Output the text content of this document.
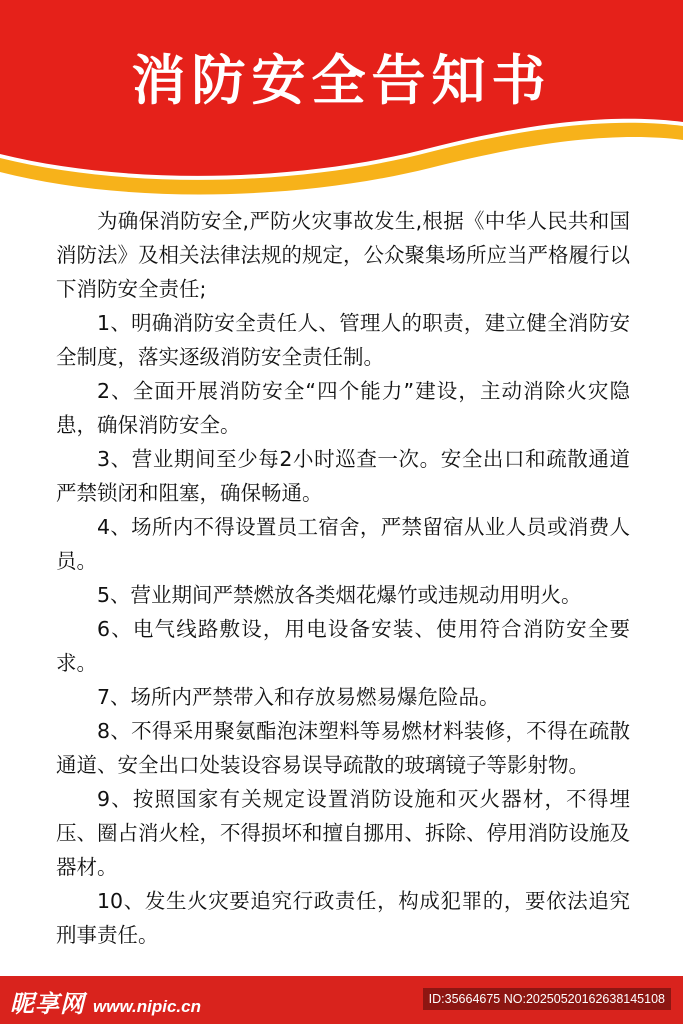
消防安全告知书

为确保消防安全,严防火灾事故发生,根据《中华人民共和国消防法》及相关法律法规的规定，公众聚集场所应当严格履行以下消防安全责任;

1、明确消防安全责任人、管理人的职责，建立健全消防安全制度，落实逐级消防安全责任制。

2、全面开展消防安全“四个能力”建设，主动消除火灾隐患，确保消防安全。

3、营业期间至少每2小时巡查一次。安全出口和疏散通道严禁锁闭和阻塞，确保畅通。

4、场所内不得设置员工宿舍，严禁留宿从业人员或消费人员。

5、营业期间严禁燃放各类烟花爆竹或违规动用明火。

6、电气线路敷设，用电设备安装、使用符合消防安全要求。

7、场所内严禁带入和存放易燃易爆危险品。

8、不得采用聚氨酯泡沫塑料等易燃材料装修，不得在疏散通道、安全出口处装设容易误导疏散的玻璃镜子等影射物。

9、按照国家有关规定设置消防设施和灭火器材，不得埋压、圈占消火栓，不得损坏和擅自挪用、拆除、停用消防设施及器材。

10、发生火灾要追究行政责任，构成犯罪的，要依法追究刑事责任。

昵享网 www.nipic.cn	ID:35664675 NO:20250520162638145108
